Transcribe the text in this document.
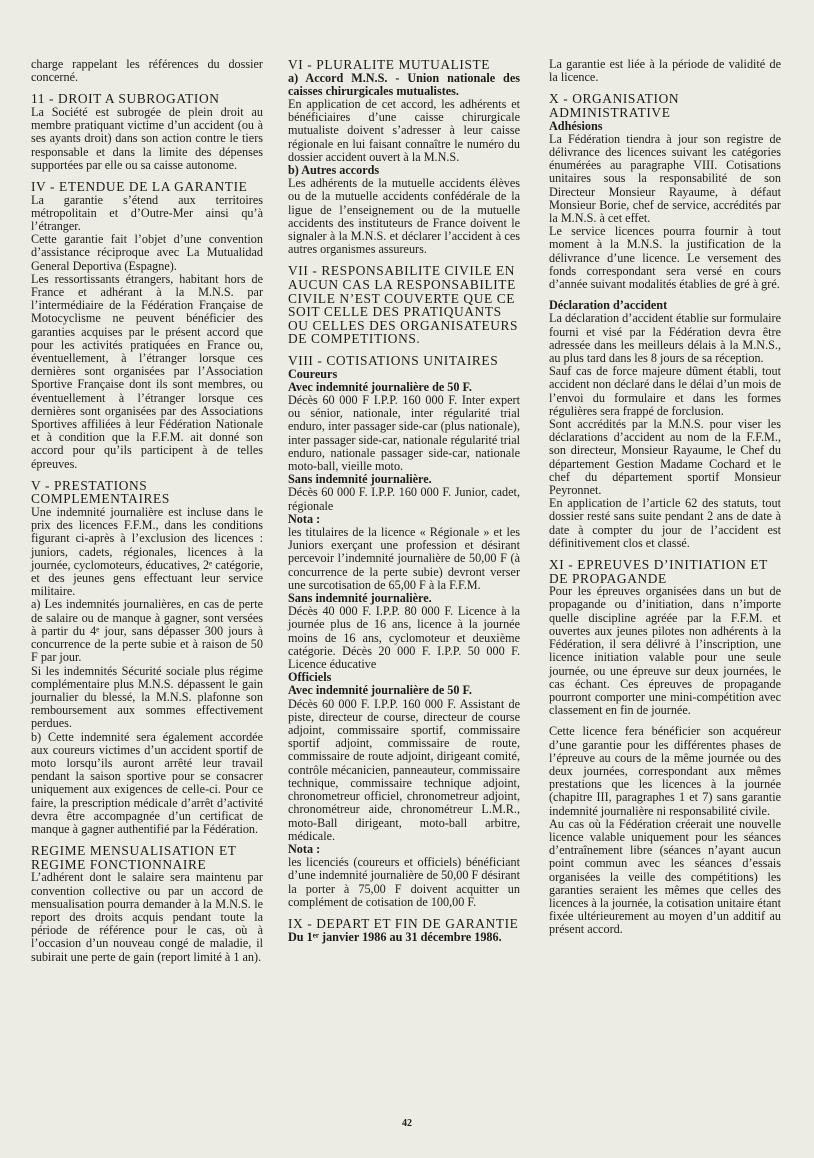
charge rappelant les références du dossier concerné.

11 - DROIT A SUBROGATION

La Société est subrogée de plein droit au membre pratiquant victime d’un accident (ou à ses ayants droit) dans son action contre le tiers responsable et dans la limite des dépenses supportées par elle ou sa caisse autonome.

IV - ETENDUE DE LA GARANTIE

La garantie s’étend aux territoires métropolitain et d’Outre-Mer ainsi qu’à l’étranger.

Cette garantie fait l’objet d’une convention d’assistance réciproque avec La Mutualidad General Deportiva (Espagne).

Les ressortissants étrangers, habitant hors de France et adhérant à la M.N.S. par l’intermédiaire de la Fédération Française de Motocyclisme ne peuvent bénéficier des garanties acquises par le présent accord que pour les activités pratiquées en France ou, éventuellement, à l’étranger lorsque ces dernières sont organisées par l’Association Sportive Française dont ils sont membres, ou éventuellement à l’étranger lorsque ces dernières sont organisées par des Associations Sportives affiliées à leur Fédération Nationale et à condition que la F.F.M. ait donné son accord pour qu’ils participent à de telles épreuves.

V - PRESTATIONS COMPLEMENTAIRES

Une indemnité journalière est incluse dans le prix des licences F.F.M., dans les conditions figurant ci-après à l’exclusion des licences : juniors, cadets, régionales, licences à la journée, cyclomoteurs, éducatives, 2ᵉ catégorie, et des jeunes gens effectuant leur service militaire.

a) Les indemnités journalières, en cas de perte de salaire ou de manque à gagner, sont versées à partir du 4ᵉ jour, sans dépasser 300 jours à concurrence de la perte subie et à raison de 50 F par jour.

Si les indemnités Sécurité sociale plus régime complémentaire plus M.N.S. dépassent le gain journalier du blessé, la M.N.S. plafonne son remboursement aux sommes effectivement perdues.

b) Cette indemnité sera également accordée aux coureurs victimes d’un accident sportif de moto lorsqu’ils auront arrêté leur travail pendant la saison sportive pour se consacrer uniquement aux exigences de celle-ci. Pour ce faire, la prescription médicale d’arrêt d’activité devra être accompagnée d’un certificat de manque à gagner authentifié par la Fédération.

REGIME MENSUALISATION ET REGIME FONCTIONNAIRE

L’adhérent dont le salaire sera maintenu par convention collective ou par un accord de mensualisation pourra demander à la M.N.S. le report des droits acquis pendant toute la période de référence pour le cas, où à l’occasion d’un nouveau congé de maladie, il subirait une perte de gain (report limité à 1 an).

VI - PLURALITE MUTUALISTE

a) Accord M.N.S. - Union nationale des caisses chirurgicales mutualistes.
En application de cet accord, les adhérents et bénéficiaires d’une caisse chirurgicale mutualiste doivent s’adresser à leur caisse régionale en lui faisant connaître le numéro du dossier accident ouvert à la M.N.S.

b) Autres accords
Les adhérents de la mutuelle accidents élèves ou de la mutuelle accidents confédérale de la ligue de l’enseignement ou de la mutuelle accidents des instituteurs de France doivent le signaler à la M.N.S. et déclarer l’accident à ces autres organismes assureurs.

VII - RESPONSABILITE CIVILE EN AUCUN CAS LA RESPONSABILITE CIVILE N’EST COUVERTE QUE CE SOIT CELLE DES PRATIQUANTS OU CELLES DES ORGANISATEURS DE COMPETITIONS.
VIII - COTISATIONS UNITAIRES

Coureurs

Avec indemnité journalière de 50 F.
Décès 60 000 F I.P.P. 160 000 F. Inter expert ou sénior, nationale, inter régularité trial enduro, inter passager side-car (plus nationale), inter passager side-car, nationale régularité trial enduro, nationale passager side-car, nationale moto-ball, vieille moto.

Sans indemnité journalière.
Décès 60 000 F. I.P.P. 160 000 F. Junior, cadet, régionale

Nota :
les titulaires de la licence « Régionale » et les Juniors exerçant une profession et désirant percevoir l’indemnité journalière de 50,00 F (à concurrence de la perte subie) devront verser une surcotisation de 65,00 F à la F.F.M.

Sans indemnité journalière.
Décès 40 000 F. I.P.P. 80 000 F. Licence à la journée plus de 16 ans, licence à la journée moins de 16 ans, cyclomoteur et deuxième catégorie. Décès 20 000 F. I.P.P. 50 000 F. Licence éducative

Officiels

Avec indemnité journalière de 50 F.
Décès 60 000 F. I.P.P. 160 000 F. Assistant de piste, directeur de course, directeur de course adjoint, commissaire sportif, commissaire sportif adjoint, commissaire de route, commissaire de route adjoint, dirigeant comité, contrôle mécanicien, panneauteur, commissaire technique, commissaire technique adjoint, chronometreur officiel, chronometreur adjoint, chronométreur aide, chronométreur L.M.R., moto-Ball dirigeant, moto-ball arbitre, médicale.

Nota :
les licenciés (coureurs et officiels) bénéficiant d’une indemnité journalière de 50,00 F désirant la porter à 75,00 F doivent acquitter un complément de cotisation de 100,00 F.

IX - DEPART ET FIN DE GARANTIE

Du 1ᵉʳ janvier 1986 au 31 décembre 1986.

La garantie est liée à la période de validité de la licence.

X - ORGANISATION ADMINISTRATIVE

Adhésions
La Fédération tiendra à jour son registre de délivrance des licences suivant les catégories énumérées au paragraphe VIII. Cotisations unitaires sous la responsabilité de son Directeur Monsieur Rayaume, à défaut Monsieur Borie, chef de service, accrédités par la M.N.S. à cet effet.

Le service licences pourra fournir à tout moment à la M.N.S. la justification de la délivrance d’une licence. Le versement des fonds correspondant sera versé en cours d’année suivant modalités établies de gré à gré.

Déclaration d’accident
La déclaration d’accident établie sur formulaire fourni et visé par la Fédération devra être adressée dans les meilleurs délais à la M.N.S., au plus tard dans les 8 jours de sa réception.

Sauf cas de force majeure dûment établi, tout accident non déclaré dans le délai d’un mois de l’envoi du formulaire et dans les formes régulières sera frappé de forclusion.

Sont accrédités par la M.N.S. pour viser les déclarations d’accident au nom de la F.F.M., son directeur, Monsieur Rayaume, le Chef du département Gestion Madame Cochard et le chef du département sportif Monsieur Peyronnet.

En application de l’article 62 des statuts, tout dossier resté sans suite pendant 2 ans de date à date à compter du jour de l’accident est définitivement clos et classé.

XI - EPREUVES D’INITIATION ET DE PROPAGANDE

Pour les épreuves organisées dans un but de propagande ou d’initiation, dans n’importe quelle discipline agréée par la F.F.M. et ouvertes aux jeunes pilotes non adhérents à la Fédération, il sera délivré à l’inscription, une licence initiation valable pour une seule journée, ou une épreuve sur deux journées, le cas échant. Ces épreuves de propagande pourront comporter une mini-compétition avec classement en fin de journée.

Cette licence fera bénéficier son acquéreur d’une garantie pour les différentes phases de l’épreuve au cours de la même journée ou des deux journées, correspondant aux mêmes prestations que les licences à la journée (chapitre III, paragraphes 1 et 7) sans garantie indemnité journalière ni responsabilité civile.

Au cas où la Fédération créerait une nouvelle licence valable uniquement pour les séances d’entraînement libre (séances n’ayant aucun point commun avec les séances d’essais organisées la veille des compétitions) les garanties seraient les mêmes que celles des licences à la journée, la cotisation unitaire étant fixée ultérieurement au moyen d’un additif au présent accord.

42
